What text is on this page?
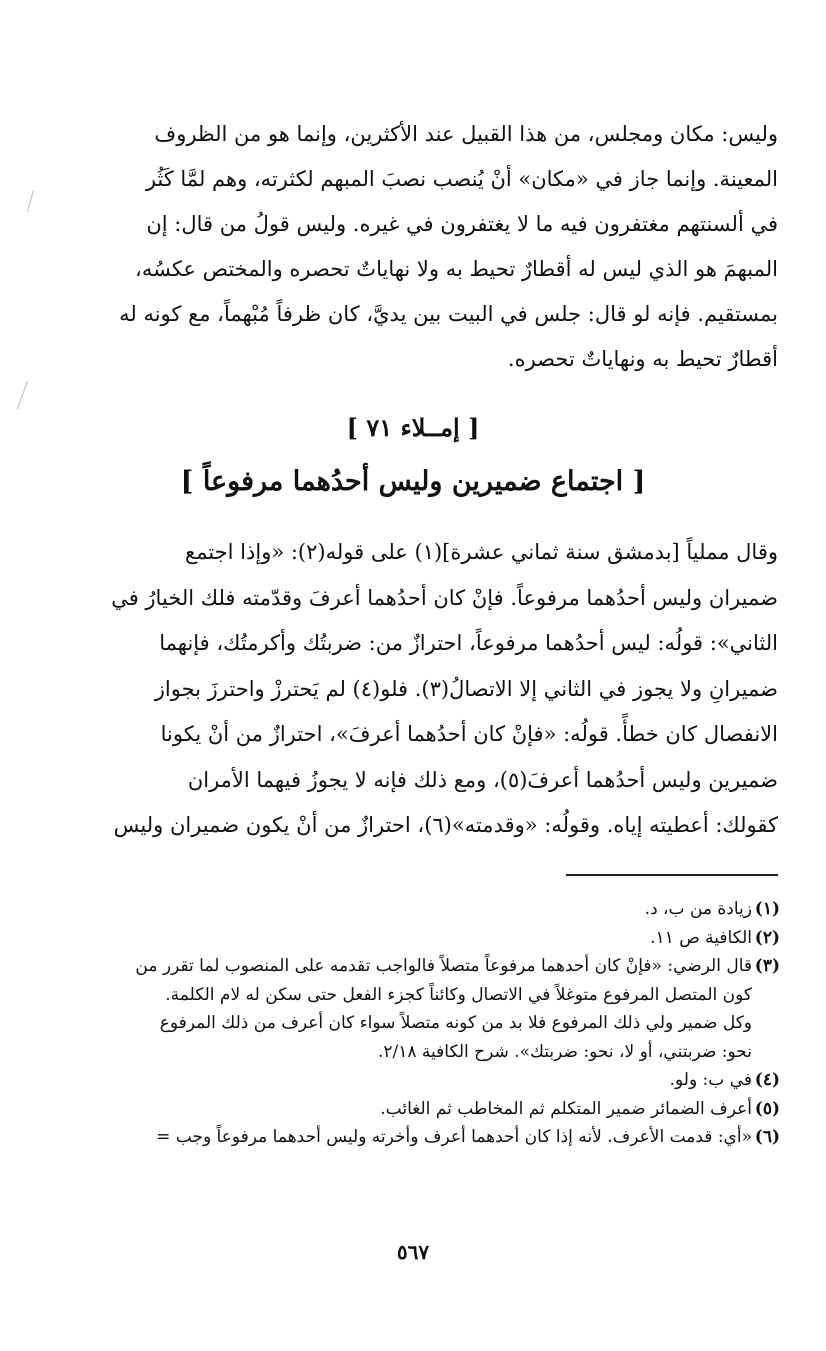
وليس: مكان ومجلس، من هذا القبيل عند الأكثرين، وإنما هو من الظروف
المعينة. وإنما جاز في «مكان» أنْ يُنصب نصبَ المبهم لكثرته، وهم لمَّا كَثُر
في ألسنتهم مغتفرون فيه ما لا يغتفرون في غيره. وليس قولُ من قال: إن
المبهمَ هو الذي ليس له أقطارٌ تحيط به ولا نهاياتٌ تحصره والمختص عكسُه،
بمستقيم. فإنه لو قال: جلس في البيت بين يديَّ، كان ظرفاً مُبْهماً، مع كونه له
أقطارٌ تحيط به ونهاياتٌ تحصره.
[ إمــلاء ٧١ ]
[ اجتماع ضميرين وليس أحدُهما مرفوعاً ]
وقال مملياً [بدمشق سنة ثماني عشرة](١) على قوله(٢): «وإذا اجتمع
ضميران وليس أحدُهما مرفوعاً. فإنْ كان أحدُهما أعرفَ وقدّمته فلك الخيارُ في
الثاني»: قولُه: ليس أحدُهما مرفوعاً، احترازٌ من: ضربتُك وأكرمتُك، فإنهما
ضميرانِ ولا يجوز في الثاني إلا الاتصالُ(٣). فلو(٤) لم يَحترزْ واحترزَ بجواز
الانفصال كان خطأً. قولُه: «فإنْ كان أحدُهما أعرفَ»، احترازٌ من أنْ يكونا
ضميرين وليس أحدُهما أعرفَ(٥)، ومع ذلك فإنه لا يجوزُ فيهما الأمران
كقولك: أعطيته إياه. وقولُه: «وقدمته»(٦)، احترازٌ من أنْ يكون ضميران وليس
(١)
زيادة من ب، د.
(٢)
الكافية ص ١١.
(٣)
قال الرضي: «فإنْ كان أحدهما مرفوعاً متصلاً فالواجب تقدمه على المنصوب لما تقرر من
كون المتصل المرفوع متوغلاً في الاتصال وكائناً كجزء الفعل حتى سكن له لام الكلمة.
وكل ضمير ولي ذلك المرفوع فلا بد من كونه متصلاً سواء كان أعرف من ذلك المرفوع
نحو: ضربتني، أو لا، نحو: ضربتك». شرح الكافية ٢/١٨.
(٤)
في ب: ولو.
(٥)
أعرف الضمائر ضمير المتكلم ثم المخاطب ثم الغائب.
(٦)
«أي: قدمت الأعرف. لأنه إذا كان أحدهما أعرف وأخرته وليس أحدهما مرفوعاً وجب =
٥٦٧
